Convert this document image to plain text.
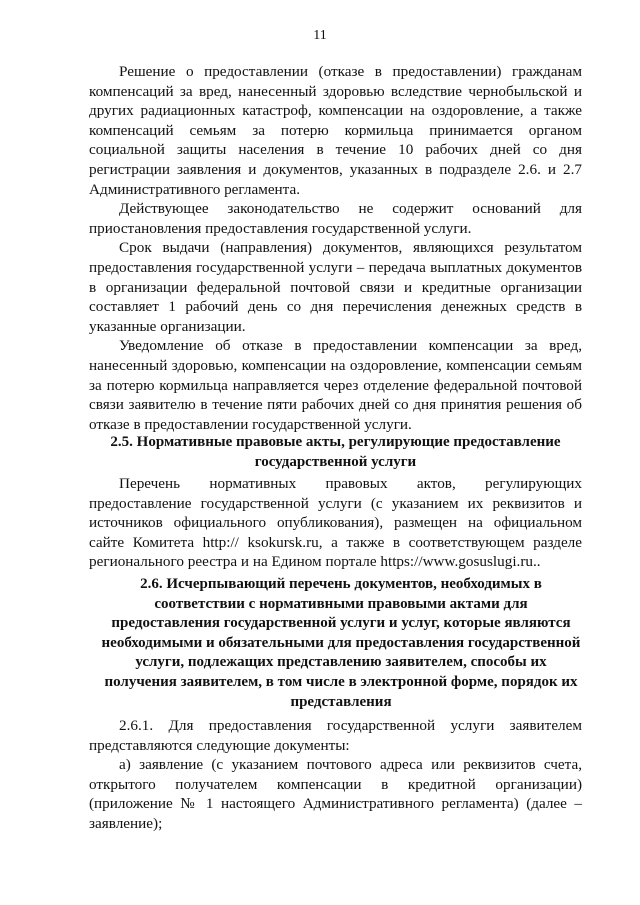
11

Решение о предоставлении (отказе в предоставлении) гражданам компенсаций за вред, нанесенный здоровью вследствие чернобыльской и других радиационных катастроф, компенсации на оздоровление, а также компенсаций семьям за потерю кормильца принимается органом социальной защиты населения в течение 10 рабочих дней со дня регистрации заявления и документов, указанных в подразделе 2.6. и 2.7 Административного регламента.

Действующее законодательство не содержит оснований для приостановления предоставления государственной услуги.

Срок выдачи (направления) документов, являющихся результатом предоставления государственной услуги – передача выплатных документов в организации федеральной почтовой связи и кредитные организации составляет 1 рабочий день со дня перечисления денежных средств в указанные организации.

Уведомление об отказе в предоставлении компенсации за вред, нанесенный здоровью, компенсации на оздоровление, компенсации семьям за потерю кормильца направляется через отделение федеральной почтовой связи заявителю в течение пяти рабочих дней со дня принятия решения об отказе в предоставлении государственной услуги.

2.5. Нормативные правовые акты, регулирующие предоставление государственной услуги

Перечень нормативных правовых актов, регулирующих предоставление государственной услуги (с указанием их реквизитов и источников официального опубликования), размещен на официальном сайте Комитета http:// ksokursk.ru, а также в соответствующем разделе регионального реестра и на Едином портале https://www.gosuslugi.ru..

2.6. Исчерпывающий перечень документов, необходимых в соответствии с нормативными правовыми актами для предоставления государственной услуги и услуг, которые являются необходимыми и обязательными для предоставления государственной услуги, подлежащих представлению заявителем, способы их получения заявителем, в том числе в электронной форме, порядок их представления

2.6.1. Для предоставления государственной услуги заявителем представляются следующие документы:

а) заявление (с указанием почтового адреса или реквизитов счета, открытого получателем компенсации в кредитной организации) (приложение № 1 настоящего Административного регламента) (далее – заявление);
